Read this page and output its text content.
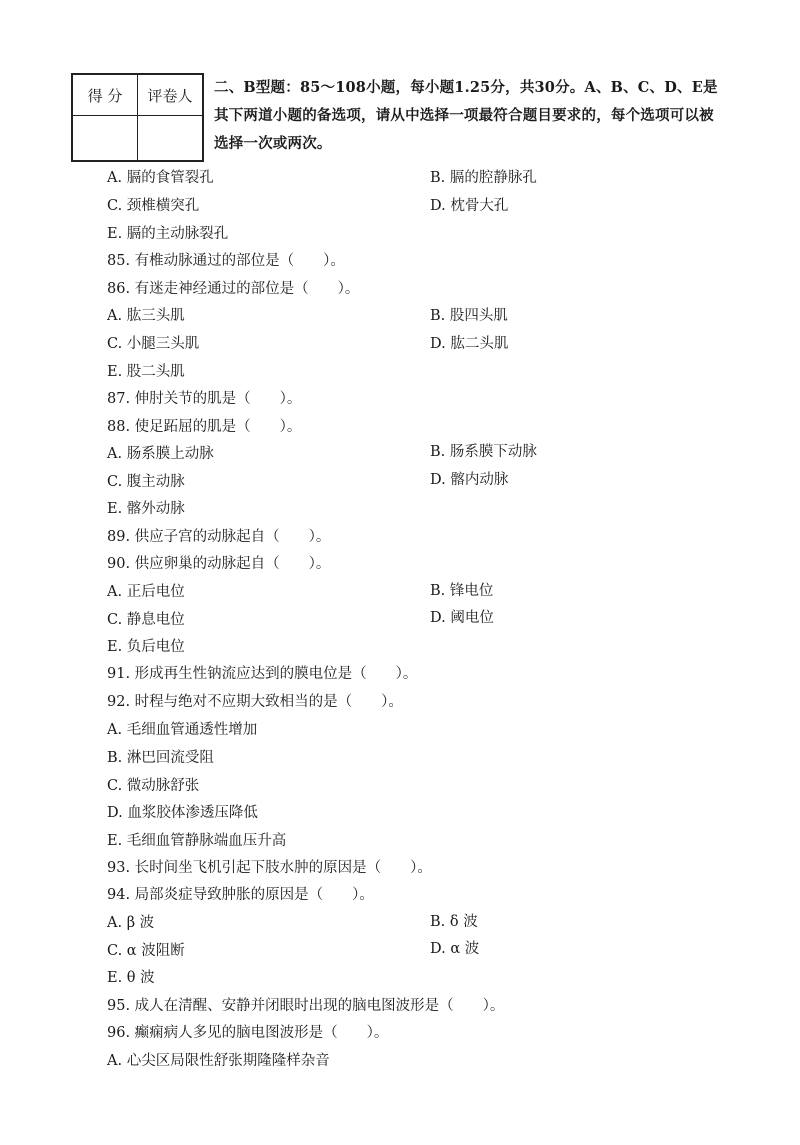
得 分	评卷人
	二、B型题：85～108小题，每小题1.25分，共30分。A、B、C、D、E是其下两道小题的备选项，请从中选择一项最符合题目要求的，每个选项可以被选择一次或两次。
A. 膈的食管裂孔	B. 膈的腔静脉孔
C. 颈椎横突孔	D. 枕骨大孔
E. 膈的主动脉裂孔
85. 有椎动脉通过的部位是（　　）。
86. 有迷走神经通过的部位是（　　）。
A. 肱三头肌	B. 股四头肌
C. 小腿三头肌	D. 肱二头肌
E. 股二头肌
87. 伸肘关节的肌是（　　）。
88. 使足跖屈的肌是（　　）。
A. 肠系膜上动脉	B. 肠系膜下动脉
C. 腹主动脉	D. 髂内动脉
E. 髂外动脉
89. 供应子宫的动脉起自（　　）。
90. 供应卵巢的动脉起自（　　）。
A. 正后电位	B. 锋电位
C. 静息电位	D. 阈电位
E. 负后电位
91. 形成再生性钠流应达到的膜电位是（　　）。
92. 时程与绝对不应期大致相当的是（　　）。
A. 毛细血管通透性增加
B. 淋巴回流受阻
C. 微动脉舒张
D. 血浆胶体渗透压降低
E. 毛细血管静脉端血压升高
93. 长时间坐飞机引起下肢水肿的原因是（　　）。
94. 局部炎症导致肿胀的原因是（　　）。
A. β 波	B. δ 波
C. α 波阻断	D. α 波
E. θ 波
95. 成人在清醒、安静并闭眼时出现的脑电图波形是（　　）。
96. 癫痫病人多见的脑电图波形是（　　）。
A. 心尖区局限性舒张期隆隆样杂音
